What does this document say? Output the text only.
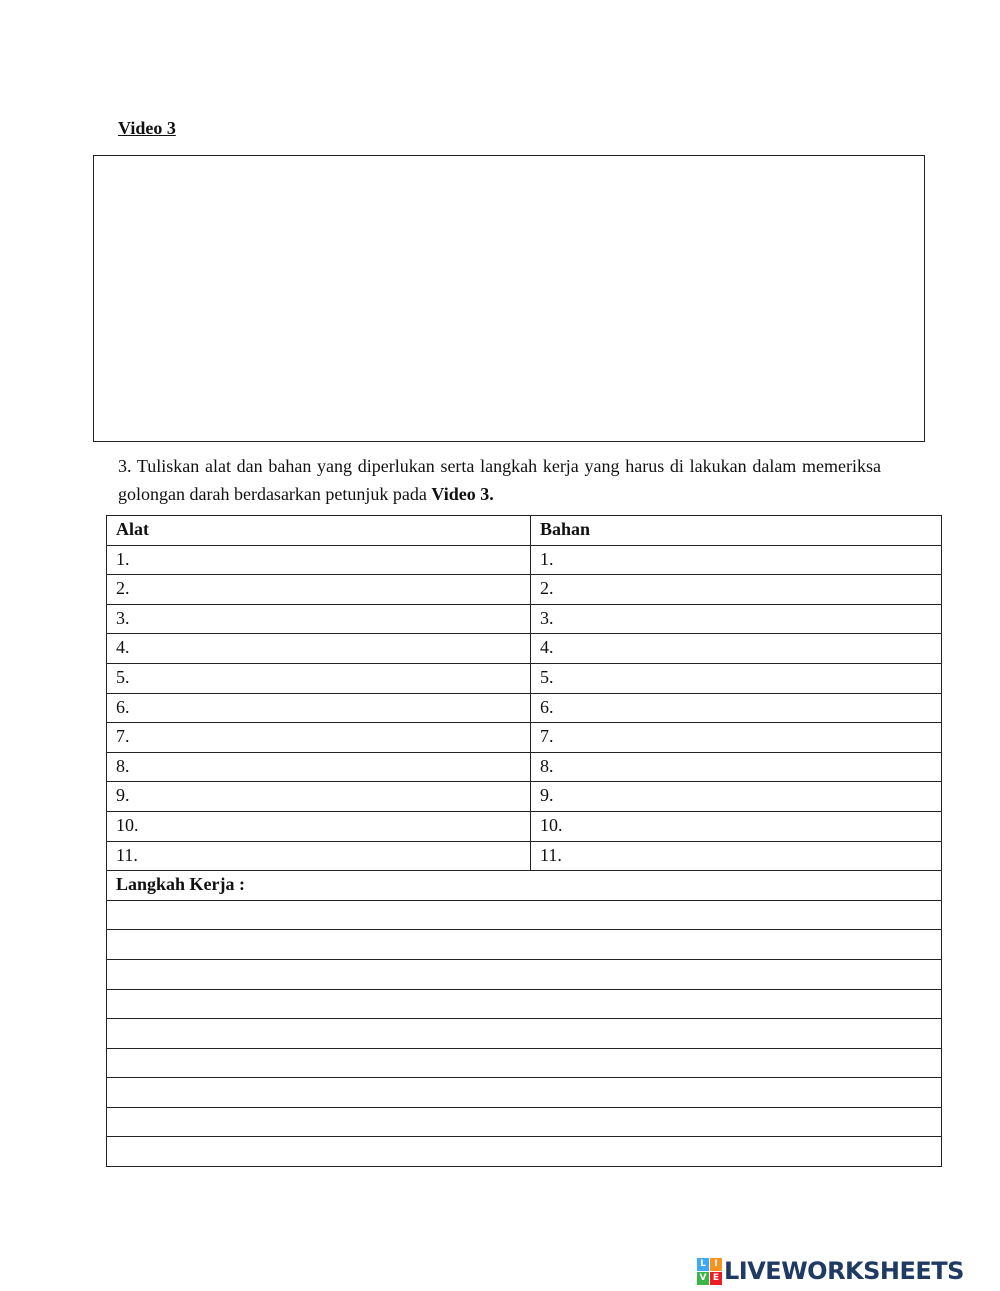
Video 3
3. Tuliskan alat dan bahan yang diperlukan serta langkah kerja yang harus di lakukan dalam memeriksa golongan darah berdasarkan petunjuk pada Video 3.
Alat	Bahan
1.	1.
2.	2.
3.	3.
4.	4.
5.	5.
6.	6.
7.	7.
8.	8.
9.	9.
10.	10.
11.	11.
Langkah Kerja :	

L I
V E LIVEWORKSHEETS
